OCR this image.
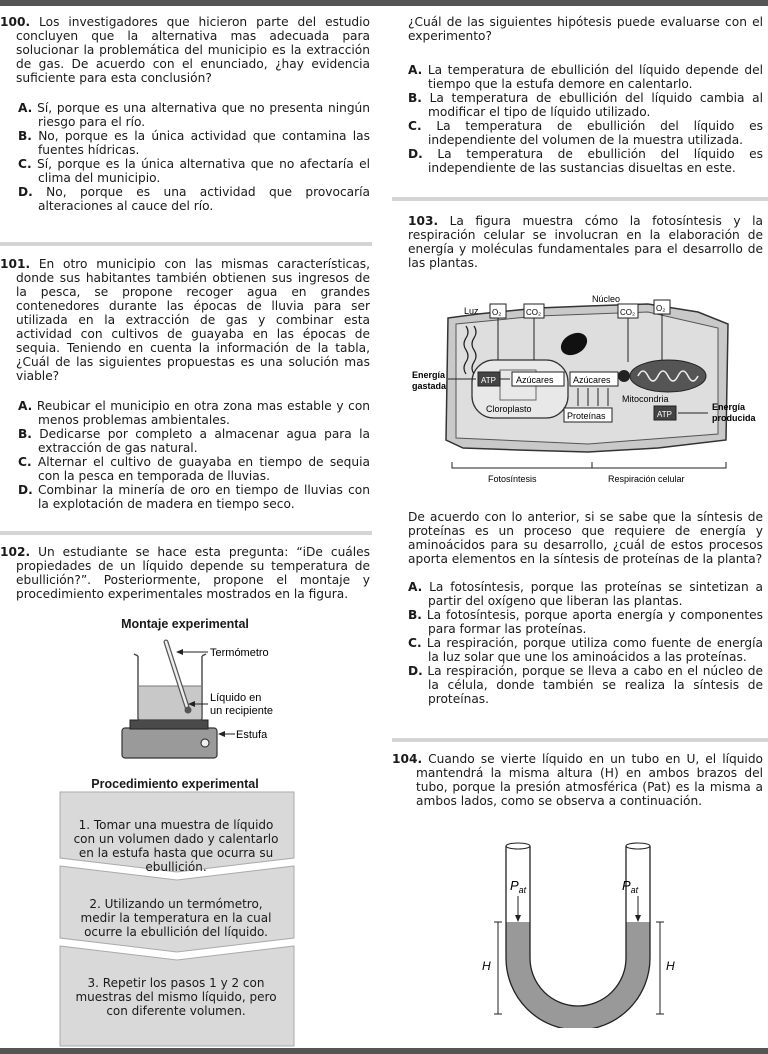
100. Los investigadores que hicieron parte del estudio concluyen que la alternativa mas adecuada para solucionar la problemática del municipio es la extracción de gas. De acuerdo con el enunciado, ¿hay evidencia suficiente para esta conclusión?
A. Sí, porque es una alternativa que no presenta ningún riesgo para el río.
B. No, porque es la única actividad que contamina las fuentes hídricas.
C. Sí, porque es la única alternativa que no afectaría el clima del municipio.
D. No, porque es una actividad que provocaría alteraciones al cauce del río.
101. En otro municipio con las mismas características, donde sus habitantes también obtienen sus ingresos de la pesca, se propone recoger agua en grandes contenedores durante las épocas de lluvia para ser utilizada en la extracción de gas y combinar esta actividad con cultivos de guayaba en las épocas de sequia. Teniendo en cuenta la información de la tabla, ¿Cuál de las siguientes propuestas es una solución mas viable?
A. Reubicar el municipio en otra zona mas estable y con menos problemas ambientales.
B. Dedicarse por completo a almacenar agua para la extracción de gas natural.
C. Alternar el cultivo de guayaba en tiempo de sequia con la pesca en temporada de lluvias.
D. Combinar la minería de oro en tiempo de lluvias con la explotación de madera en tiempo seco.
102. Un estudiante se hace esta pregunta: “iDe cuáles propiedades de un líquido depende su temperatura de ebullición?”. Posteriormente, propone el montaje y procedimiento experimentales mostrados en la figura.
Montaje experimental
Termómetro
Líquido en
un recipiente
Estufa
Procedimiento experimental
1. Tomar una muestra de líquido con un volumen dado y calentarlo en la estufa hasta que ocurra su ebullición.
2. Utilizando un termómetro, medir la temperatura en la cual ocurre la ebullición del líquido.
3. Repetir los pasos 1 y 2 con muestras del mismo líquido, pero con diferente volumen.
¿Cuál de las siguientes hipótesis puede evaluarse con el experimento?
A. La temperatura de ebullición del líquido depende del tiempo que la estufa demore en calentarlo.
B. La temperatura de ebullición del líquido cambia al modificar el tipo de líquido utilizado.
C. La temperatura de ebullición del líquido es independiente del volumen de la muestra utilizada.
D. La temperatura de ebullición del líquido es independiente de las sustancias disueltas en este.
103. La figura muestra cómo la fotosíntesis y la respiración celular se involucran en la elaboración de energía y moléculas fundamentales para el desarrollo de las plantas.
Luz O₂	CO₂
Núcleo
CO₂	O₂
Energía
gastada
ATP Azúcares Azúcares
Cloroplasto
Proteínas
Mitocondria
ATP
Energía
producida
Fotosíntesis	Respiración celular
De acuerdo con lo anterior, si se sabe que la síntesis de proteínas es un proceso que requiere de energía y aminoácidos para su desarrollo, ¿cuál de estos procesos aporta elementos en la síntesis de proteínas de la planta?
A. La fotosíntesis, porque las proteínas se sintetizan a partir del oxígeno que liberan las plantas.
B. La fotosíntesis, porque aporta energía y componentes para formar las proteínas.
C. La respiración, porque utiliza como fuente de energía la luz solar que une los aminoácidos a las proteínas.
D. La respiración, porque se lleva a cabo en el núcleo de la célula, donde también se realiza la síntesis de proteínas.
104. Cuando se vierte líquido en un tubo en U, el líquido mantendrá la misma altura (H) en ambos brazos del tubo, porque la presión atmosférica (Pat) es la misma a ambos lados, como se observa a continuación.
$P_{at}$	$P_{at}$
H	H
